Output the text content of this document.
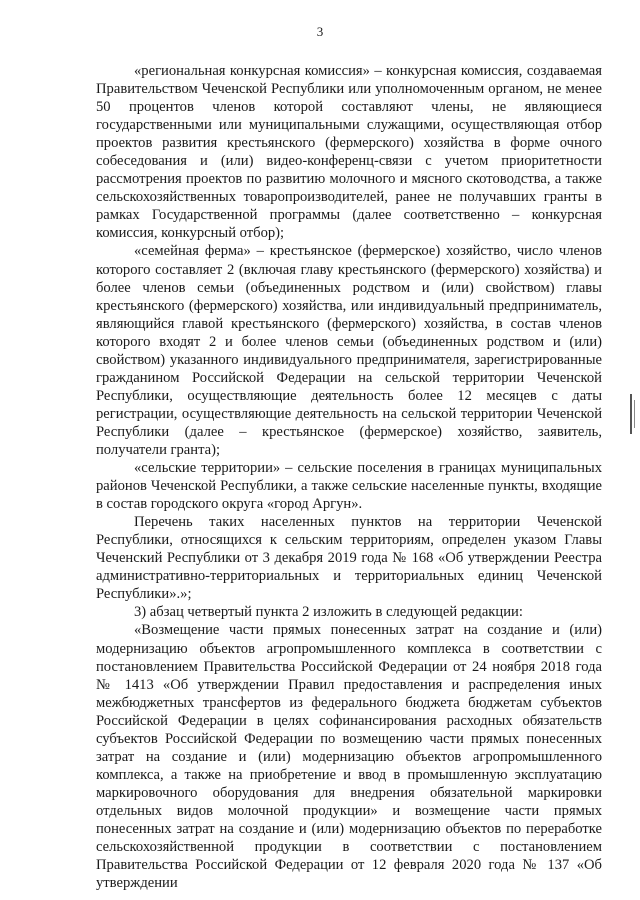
3

«региональная конкурсная комиссия» – конкурсная комиссия, создаваемая Правительством Чеченской Республики или уполномоченным органом, не менее 50 процентов членов которой составляют члены, не являющиеся государственными или муниципальными служащими, осуществляющая отбор проектов развития крестьянского (фермерского) хозяйства в форме очного собеседования и (или) видео-конференц-связи с учетом приоритетности рассмотрения проектов по развитию молочного и мясного скотоводства, а также сельскохозяйственных товаропроизводителей, ранее не получавших гранты в рамках Государственной программы (далее соответственно – конкурсная комиссия, конкурсный отбор);

«семейная ферма» – крестьянское (фермерское) хозяйство, число членов которого составляет 2 (включая главу крестьянского (фермерского) хозяйства) и более членов семьи (объединенных родством и (или) свойством) главы крестьянского (фермерского) хозяйства, или индивидуальный предприниматель, являющийся главой крестьянского (фермерского) хозяйства, в состав членов которого входят 2 и более членов семьи (объединенных родством и (или) свойством) указанного индивидуального предпринимателя, зарегистрированные гражданином Российской Федерации на сельской территории Чеченской Республики, осуществляющие деятельность более 12 месяцев с даты регистрации, осуществляющие деятельность на сельской территории Чеченской Республики (далее – крестьянское (фермерское) хозяйство, заявитель, получатели гранта);

«сельские территории» – сельские поселения в границах муниципальных районов Чеченской Республики, а также сельские населенные пункты, входящие в состав городского округа «город Аргун».

Перечень таких населенных пунктов на территории Чеченской Республики, относящихся к сельским территориям, определен указом Главы Чеченский Республики от 3 декабря 2019 года № 168 «Об утверждении Реестра административно-территориальных и территориальных единиц Чеченской Республики».»;

3) абзац четвертый пункта 2 изложить в следующей редакции:

«Возмещение части прямых понесенных затрат на создание и (или) модернизацию объектов агропромышленного комплекса в соответствии с постановлением Правительства Российской Федерации от 24 ноября 2018 года № 1413 «Об утверждении Правил предоставления и распределения иных межбюджетных трансфертов из федерального бюджета бюджетам субъектов Российской Федерации в целях софинансирования расходных обязательств субъектов Российской Федерации по возмещению части прямых понесенных затрат на создание и (или) модернизацию объектов агропромышленного комплекса, а также на приобретение и ввод в промышленную эксплуатацию маркировочного оборудования для внедрения обязательной маркировки отдельных видов молочной продукции» и возмещение части прямых понесенных затрат на создание и (или) модернизацию объектов по переработке сельскохозяйственной продукции в соответствии с постановлением Правительства Российской Федерации от 12 февраля 2020 года № 137 «Об утверждении
